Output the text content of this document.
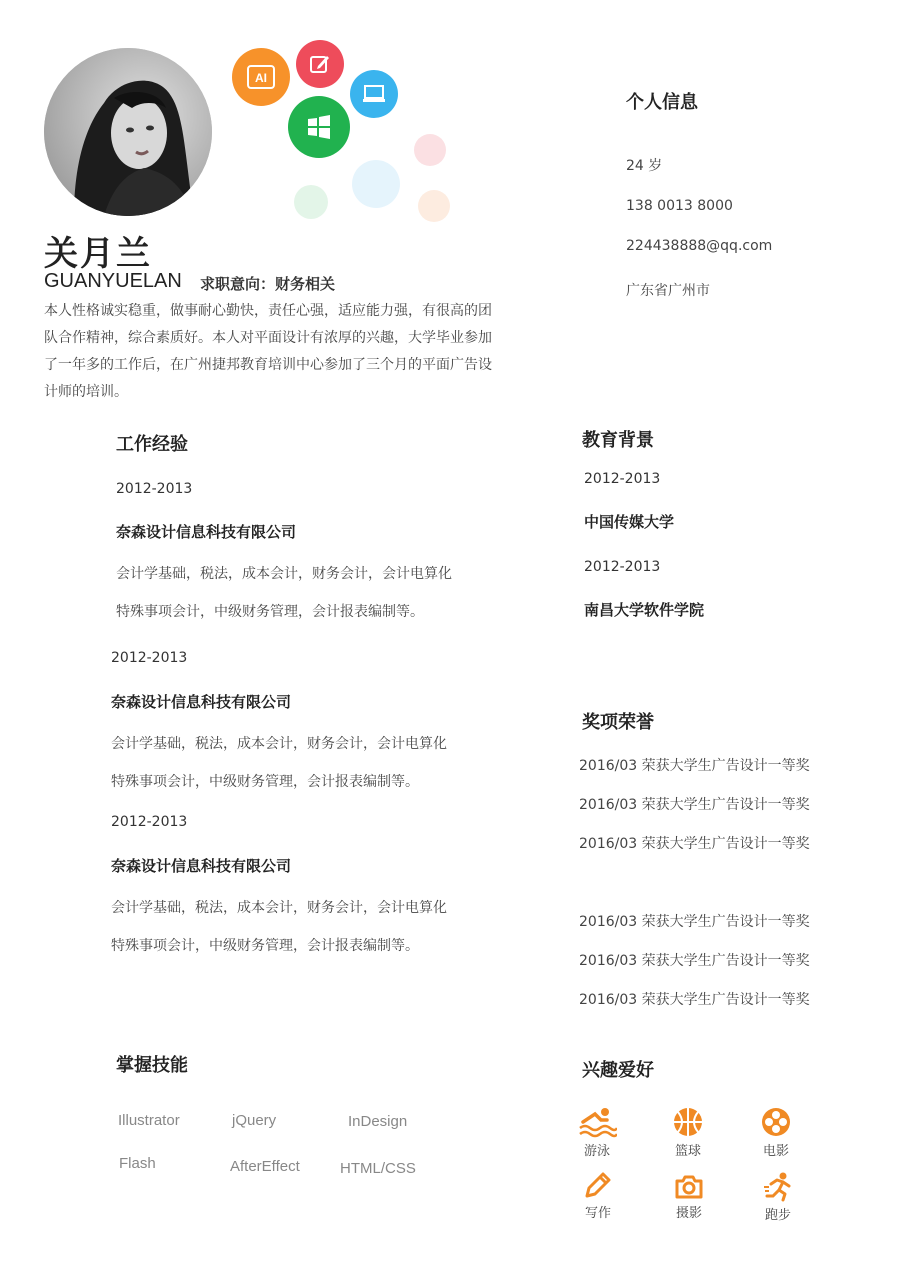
AI
关月兰
GUANYUELAN 求职意向：财务相关
本人性格诚实稳重，做事耐心勤快，责任心强，适应能力强，有很高的团队合作精神，综合素质好。本人对平面设计有浓厚的兴趣，大学毕业参加了一年多的工作后，在广州捷邦教育培训中心参加了三个月的平面广告设计师的培训。
个人信息
24 岁
138 0013 8000
224438888@qq.com
广东省广州市
工作经验
2012-2013
奈森设计信息科技有限公司
会计学基础，税法，成本会计，财务会计，会计电算化
特殊事项会计，中级财务管理，会计报表编制等。
2012-2013
奈森设计信息科技有限公司
会计学基础，税法，成本会计，财务会计，会计电算化
特殊事项会计，中级财务管理，会计报表编制等。
2012-2013
奈森设计信息科技有限公司
会计学基础，税法，成本会计，财务会计，会计电算化
特殊事项会计，中级财务管理，会计报表编制等。
教育背景
2012-2013
中国传媒大学
2012-2013
南昌大学软件学院
奖项荣誉
2016/03 荣获大学生广告设计一等奖
2016/03 荣获大学生广告设计一等奖
2016/03 荣获大学生广告设计一等奖
2016/03 荣获大学生广告设计一等奖
2016/03 荣获大学生广告设计一等奖
2016/03 荣获大学生广告设计一等奖
掌握技能
Illustrator	jQuery	InDesign
Flash	AfterEffect	HTML/CSS
兴趣爱好
游泳	篮球	电影
写作	摄影	跑步
